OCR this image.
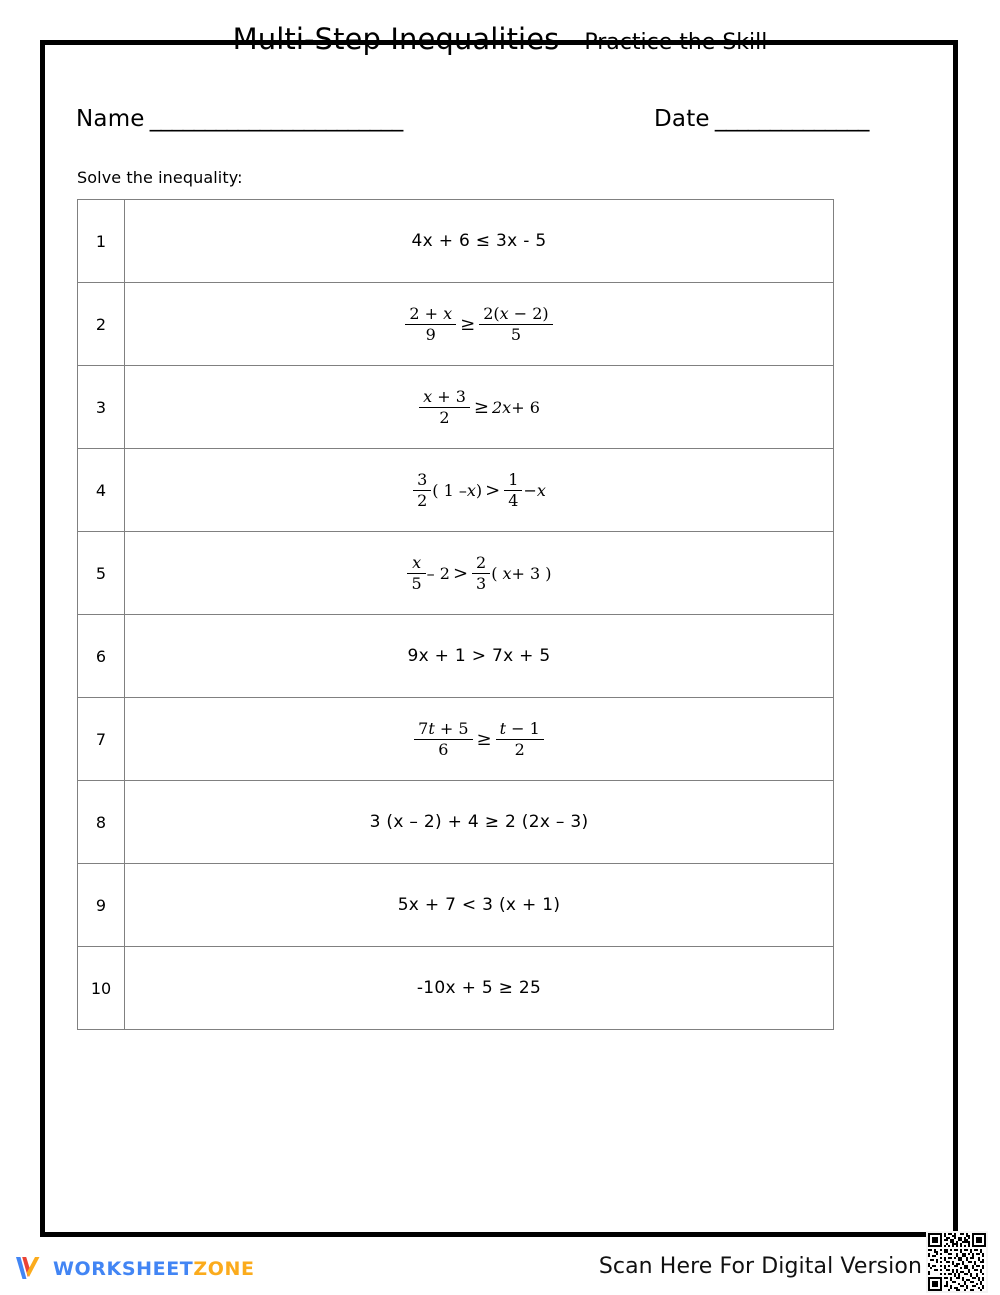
Multi-Step Inequalities – Practice the Skill
Name _______________________	Date ______________
Solve the inequality:
1	4x + 6 ≤ 3x - 5

2	$\frac{2 + x}{9} \ge \frac{2(x - 2)}{5}$

3	$\frac{x + 3}{2} \ge 2x + 6$

4	$\frac{3}{2}$ ( 1 – x ) > $\frac{1}{4} - x$

5	$\frac{x}{5} - 2 > \frac{2}{3}$ ( x + 3 )

6	9x + 1 > 7x + 5

7	$\frac{7t + 5}{6} \ge \frac{t - 1}{2}$

8	3 (x – 2) + 4 ≥ 2 (2x – 3)

9	5x + 7 < 3 (x + 1)

10	-10x + 5 ≥ 25
WORKSHEETZONE	Scan Here For Digital Version
